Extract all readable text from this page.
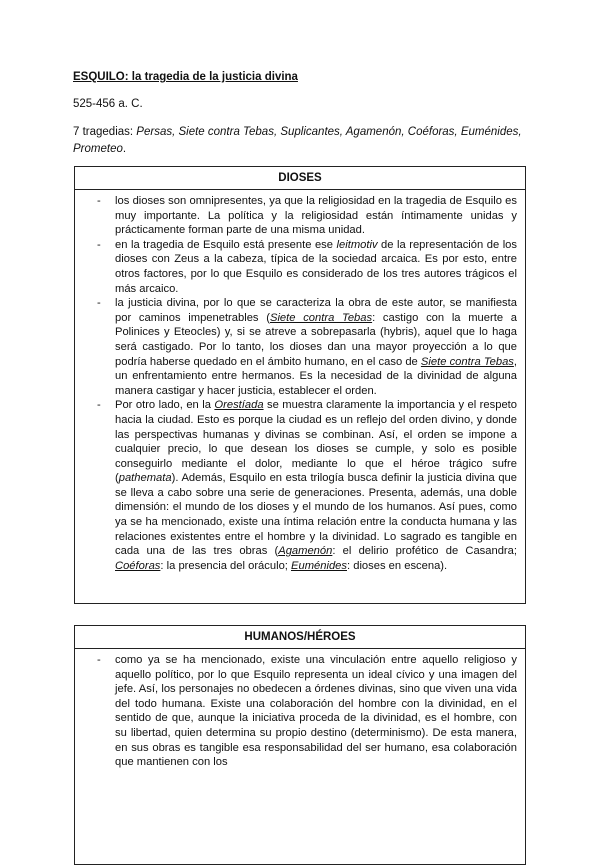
ESQUILO: la tragedia de la justicia divina
525-456 a. C.
7 tragedias: Persas, Siete contra Tebas, Suplicantes, Agamenón, Coéforas, Euménides, Prometeo.
DIOSES
- los dioses son omnipresentes, ya que la religiosidad en la tragedia de Esquilo es muy importante. La política y la religiosidad están íntimamente unidas y prácticamente forman parte de una misma unidad.
- en la tragedia de Esquilo está presente ese leitmotiv de la representación de los dioses con Zeus a la cabeza, típica de la sociedad arcaica. Es por esto, entre otros factores, por lo que Esquilo es considerado de los tres autores trágicos el más arcaico.
- la justicia divina, por lo que se caracteriza la obra de este autor, se manifiesta por caminos impenetrables (Siete contra Tebas: castigo con la muerte a Polinices y Eteocles) y, si se atreve a sobrepasarla (hybris), aquel que lo haga será castigado. Por lo tanto, los dioses dan una mayor proyección a lo que podría haberse quedado en el ámbito humano, en el caso de Siete contra Tebas, un enfrentamiento entre hermanos. Es la necesidad de la divinidad de alguna manera castigar y hacer justicia, establecer el orden.
- Por otro lado, en la Orestíada se muestra claramente la importancia y el respeto hacia la ciudad. Esto es porque la ciudad es un reflejo del orden divino, y donde las perspectivas humanas y divinas se combinan. Así, el orden se impone a cualquier precio, lo que desean los dioses se cumple, y solo es posible conseguirlo mediante el dolor, mediante lo que el héroe trágico sufre (pathemata). Además, Esquilo en esta trilogía busca definir la justicia divina que se lleva a cabo sobre una serie de generaciones. Presenta, además, una doble dimensión: el mundo de los dioses y el mundo de los humanos. Así pues, como ya se ha mencionado, existe una íntima relación entre la conducta humana y las relaciones existentes entre el hombre y la divinidad. Lo sagrado es tangible en cada una de las tres obras (Agamenón: el delirio profético de Casandra; Coéforas: la presencia del oráculo; Euménides: dioses en escena).
HUMANOS/HÉROES
- como ya se ha mencionado, existe una vinculación entre aquello religioso y aquello político, por lo que Esquilo representa un ideal cívico y una imagen del jefe. Así, los personajes no obedecen a órdenes divinas, sino que viven una vida del todo humana. Existe una colaboración del hombre con la divinidad, en el sentido de que, aunque la iniciativa proceda de la divinidad, es el hombre, con su libertad, quien determina su propio destino (determinismo). De esta manera, en sus obras es tangible esa responsabilidad del ser humano, esa colaboración que mantienen con los
